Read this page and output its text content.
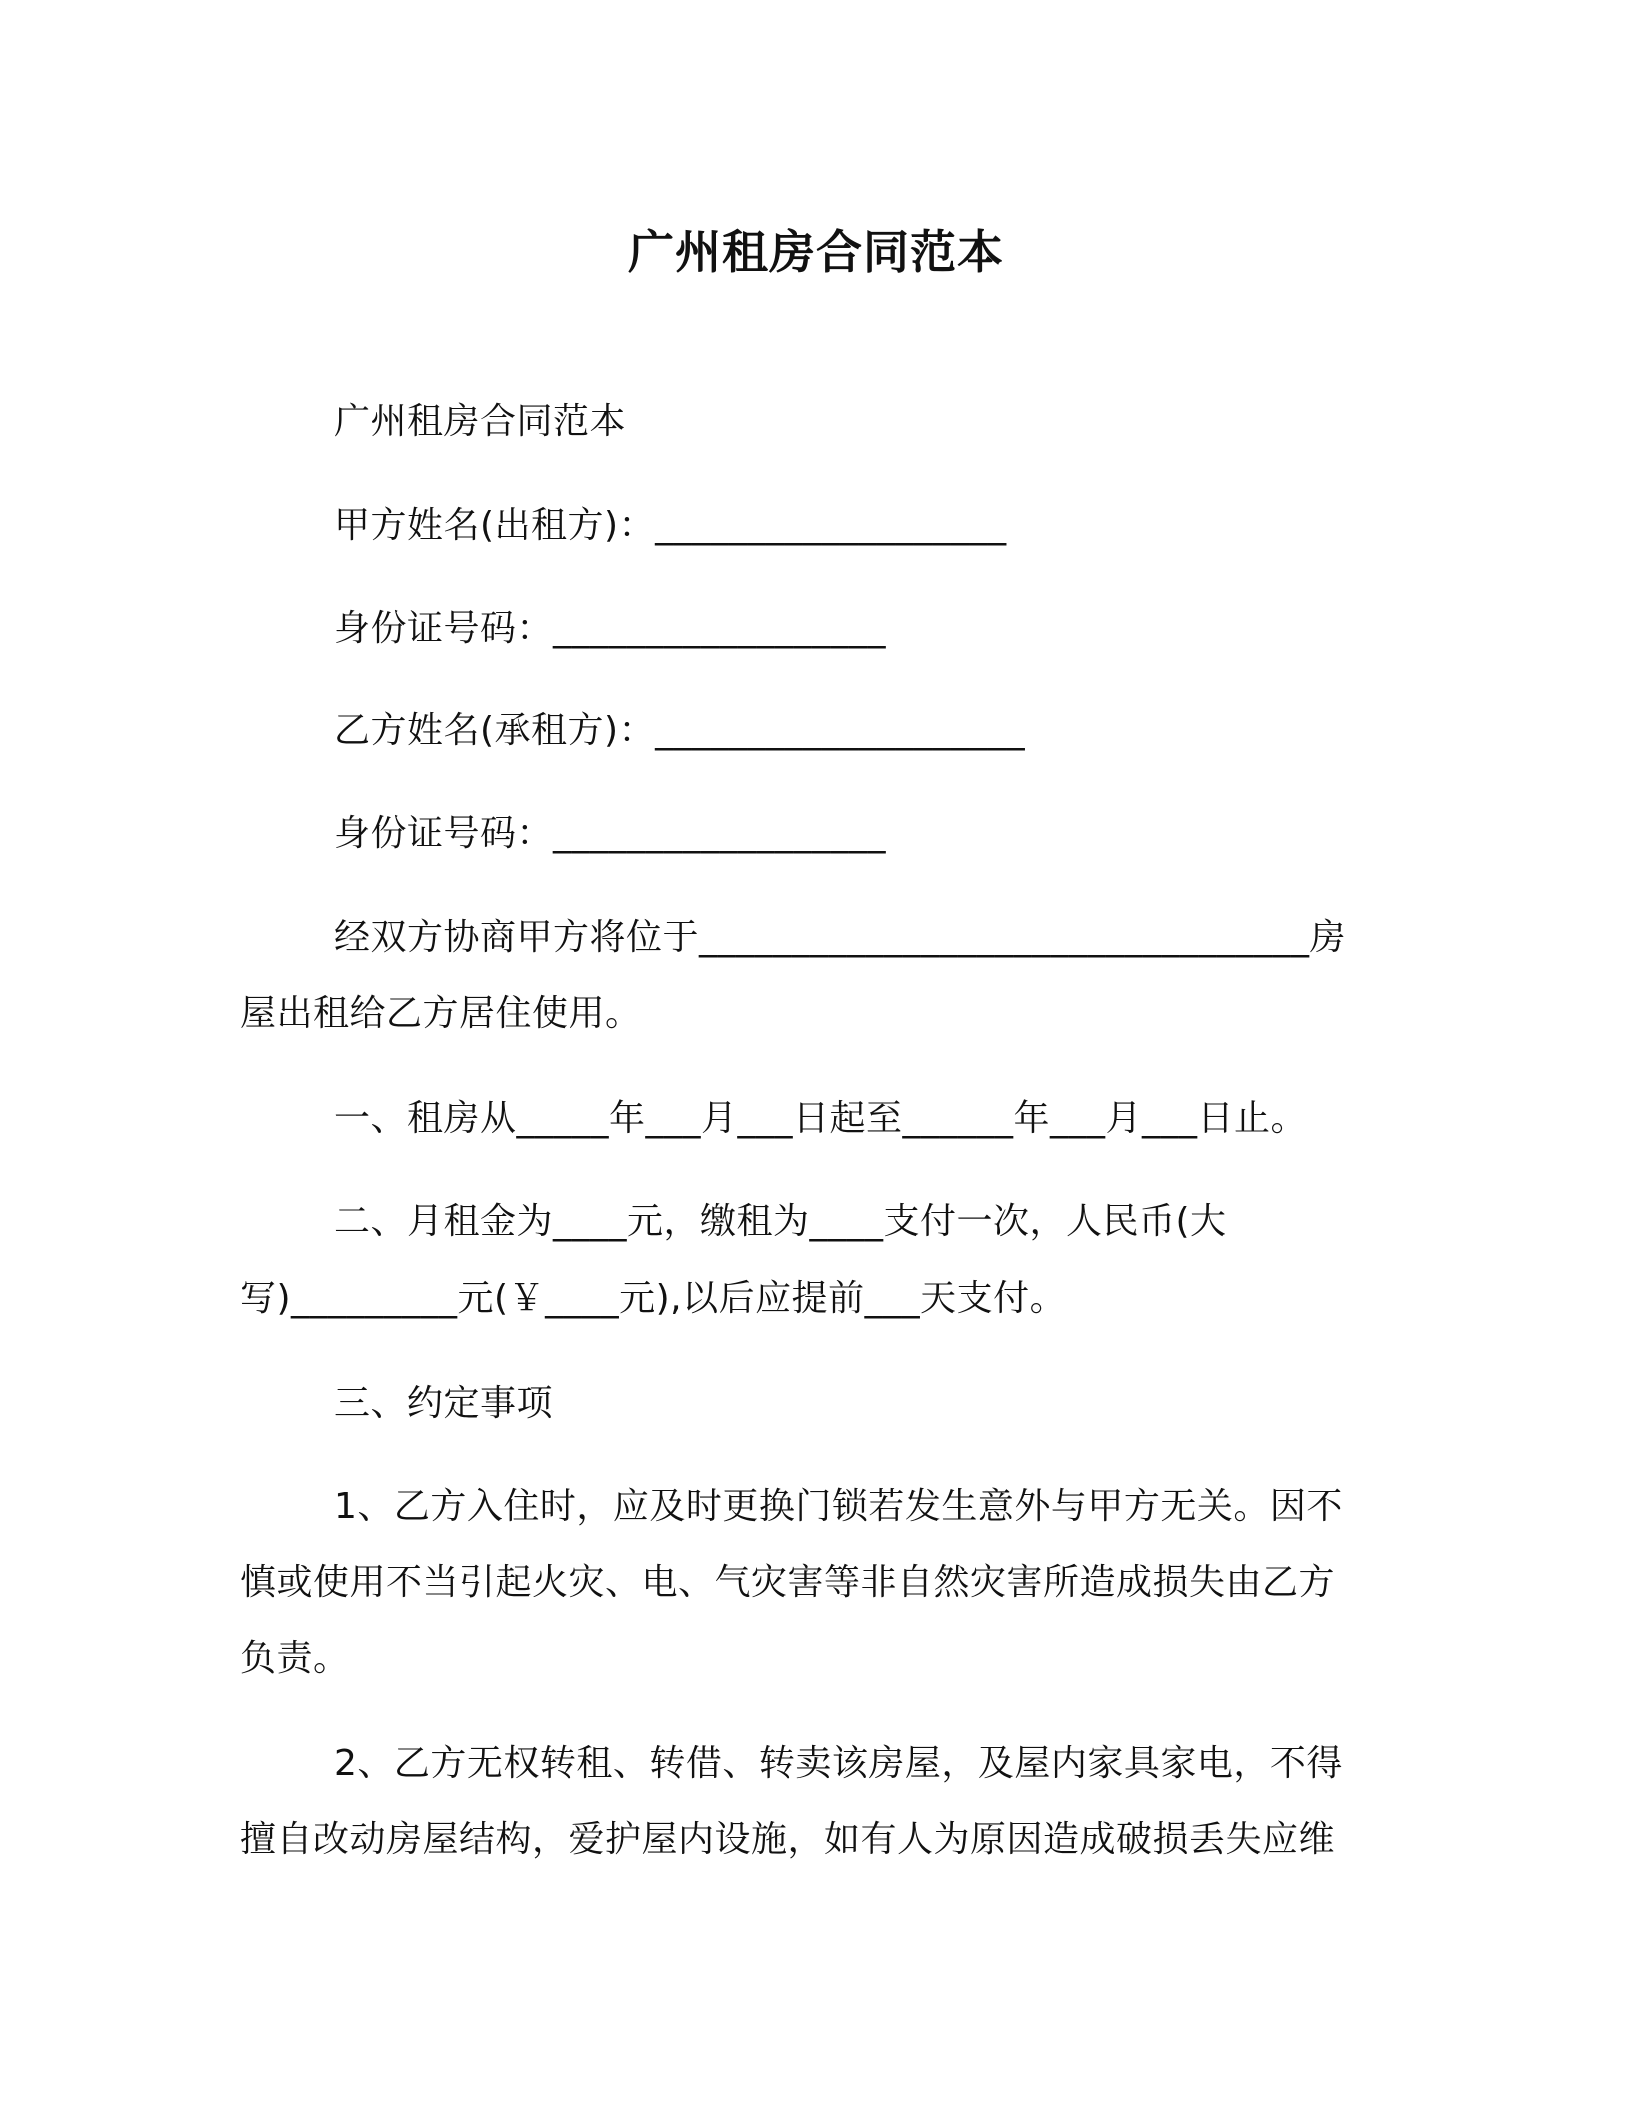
广州租房合同范本
广州租房合同范本
甲方姓名(出租方)：___________________
身份证号码：__________________
乙方姓名(承租方)：____________________
身份证号码：__________________
经双方协商甲方将位于_________________________________房
屋出租给乙方居住使用。
一、租房从_____年___月___日起至______年___月___日止。
二、月租金为____元，缴租为____支付一次，人民币(大
写)_________元(￥____元),以后应提前___天支付。
三、约定事项
1、乙方入住时，应及时更换门锁若发生意外与甲方无关。因不
慎或使用不当引起火灾、电、气灾害等非自然灾害所造成损失由乙方
负责。
2、乙方无权转租、转借、转卖该房屋，及屋内家具家电，不得
擅自改动房屋结构，爱护屋内设施，如有人为原因造成破损丢失应维
